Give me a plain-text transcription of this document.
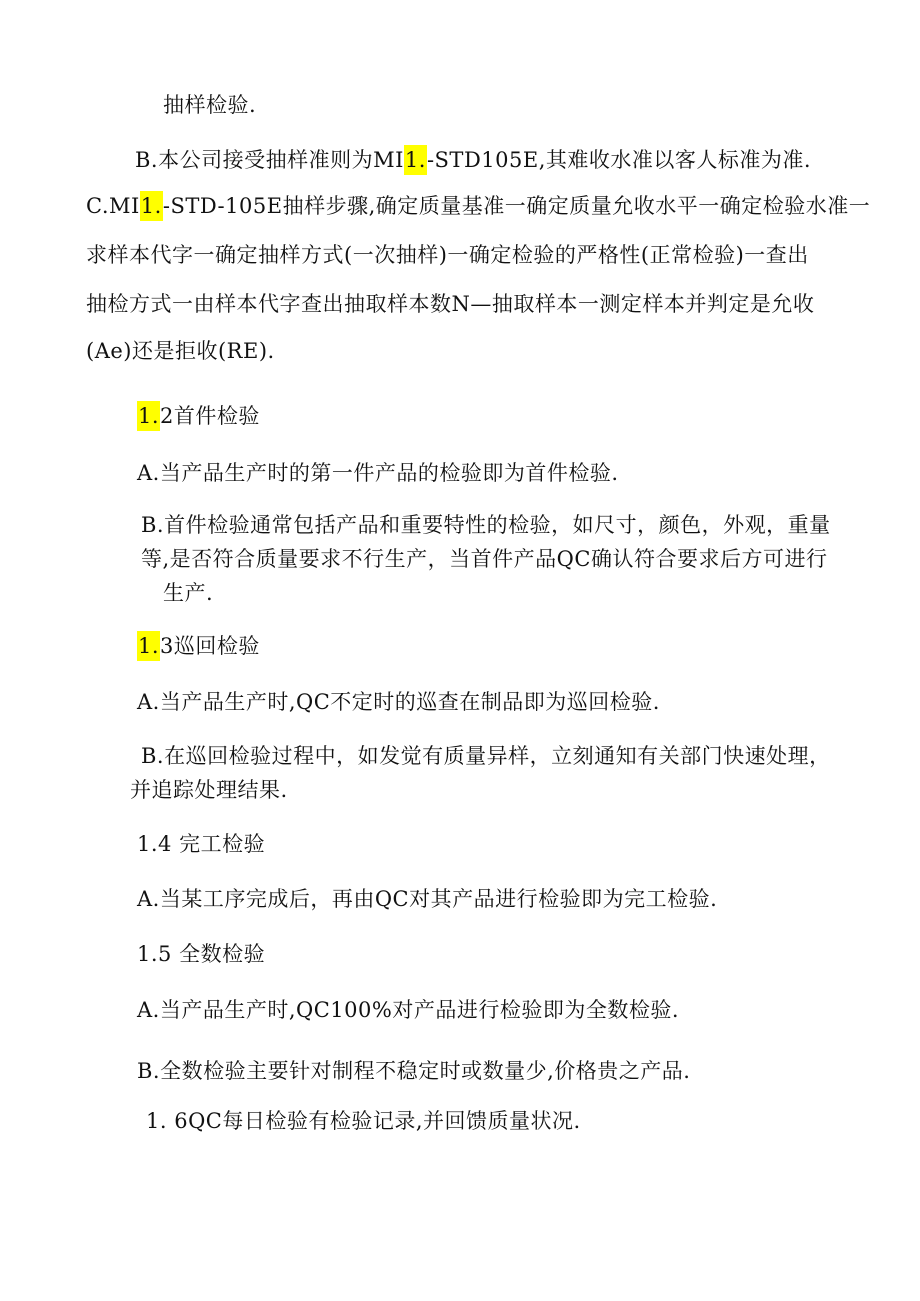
抽样检验.
B.本公司接受抽样准则为MI1.-STD105E,其难收水准以客人标准为准.
C.MI1.-STD-105E抽样步骤,确定质量基准一确定质量允收水平一确定检验水准一
求样本代字一确定抽样方式(一次抽样)一确定检验的严格性(正常检验)一查出
抽检方式一由样本代字查出抽取样本数N—抽取样本一测定样本并判定是允收
(Ae)还是拒收(RE).
1.2首件检验
A.当产品生产时的第一件产品的检验即为首件检验.
B.首件检验通常包括产品和重要特性的检验，如尺寸，颜色，外观，重量
等,是否符合质量要求不行生产，当首件产品QC确认符合要求后方可进行
生产.
1.3巡回检验
A.当产品生产时,QC不定时的巡查在制品即为巡回检验.
B.在巡回检验过程中，如发觉有质量异样，立刻通知有关部门快速处理，
并追踪处理结果.
1.4 完工检验
A.当某工序完成后，再由QC对其产品进行检验即为完工检验.
1.5 全数检验
A.当产品生产时,QC100%对产品进行检验即为全数检验.
B.全数检验主要针对制程不稳定时或数量少,价格贵之产品.
1. 6QC每日检验有检验记录,并回馈质量状况.
